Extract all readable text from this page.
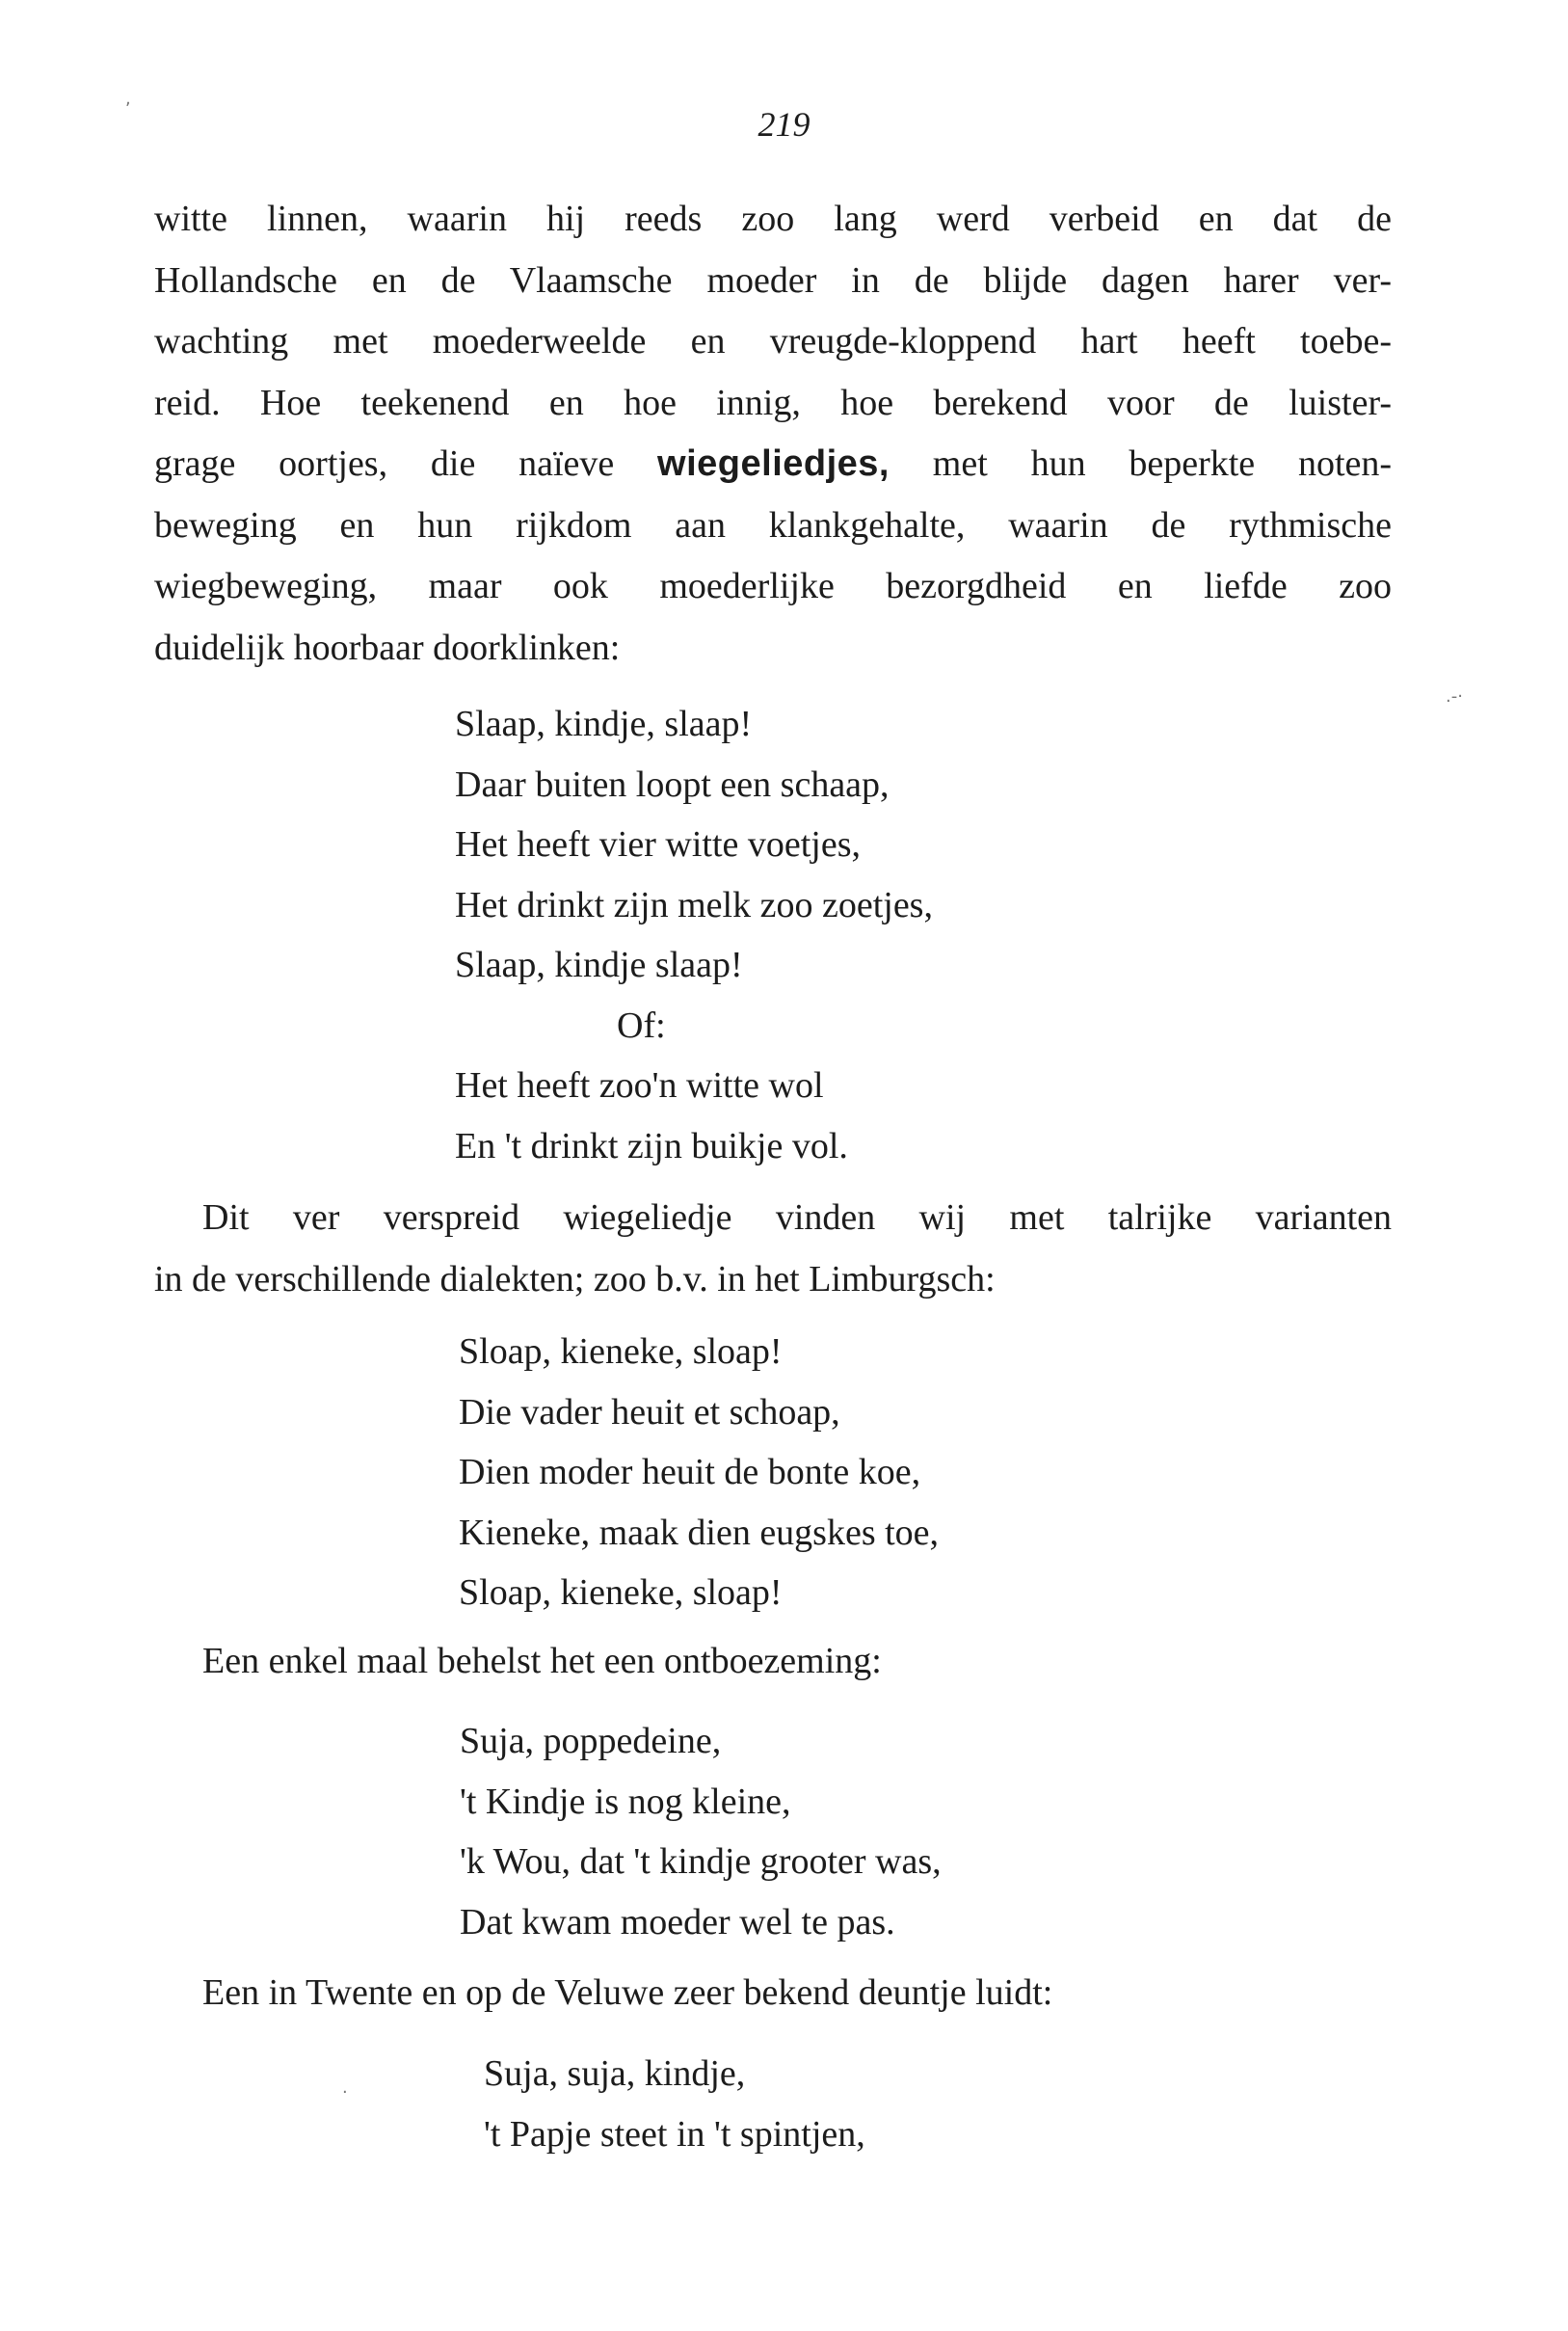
219
witte linnen, waarin hij reeds zoo lang werd verbeid en dat de
Hollandsche en de Vlaamsche moeder in de blijde dagen harer ver-
wachting met moederweelde en vreugde-kloppend hart heeft toebe-
reid. Hoe teekenend en hoe innig, hoe berekend voor de luister-
grage oortjes, die naïeve wiegeliedjes, met hun beperkte noten-
beweging en hun rijkdom aan klankgehalte, waarin de rythmische
wiegbeweging, maar ook moederlijke bezorgdheid en liefde zoo
duidelijk hoorbaar doorklinken:
Slaap, kindje, slaap!
Daar buiten loopt een schaap,
Het heeft vier witte voetjes,
Het drinkt zijn melk zoo zoetjes,
Slaap, kindje slaap!
Of:
Het heeft zoo'n witte wol
En 't drinkt zijn buikje vol.
Dit ver verspreid wiegeliedje vinden wij met talrijke varianten
in de verschillende dialekten; zoo b.v. in het Limburgsch:
Sloap, kieneke, sloap!
Die vader heuit et schoap,
Dien moder heuit de bonte koe,
Kieneke, maak dien eugskes toe,
Sloap, kieneke, sloap!
Een enkel maal behelst het een ontboezeming:
Suja, poppedeine,
't Kindje is nog kleine,
'k Wou, dat 't kindje grooter was,
Dat kwam moeder wel te pas.
Een in Twente en op de Veluwe zeer bekend deuntje luidt:
Suja, suja, kindje,
't Papje steet in 't spintjen,
,
.-·
·
